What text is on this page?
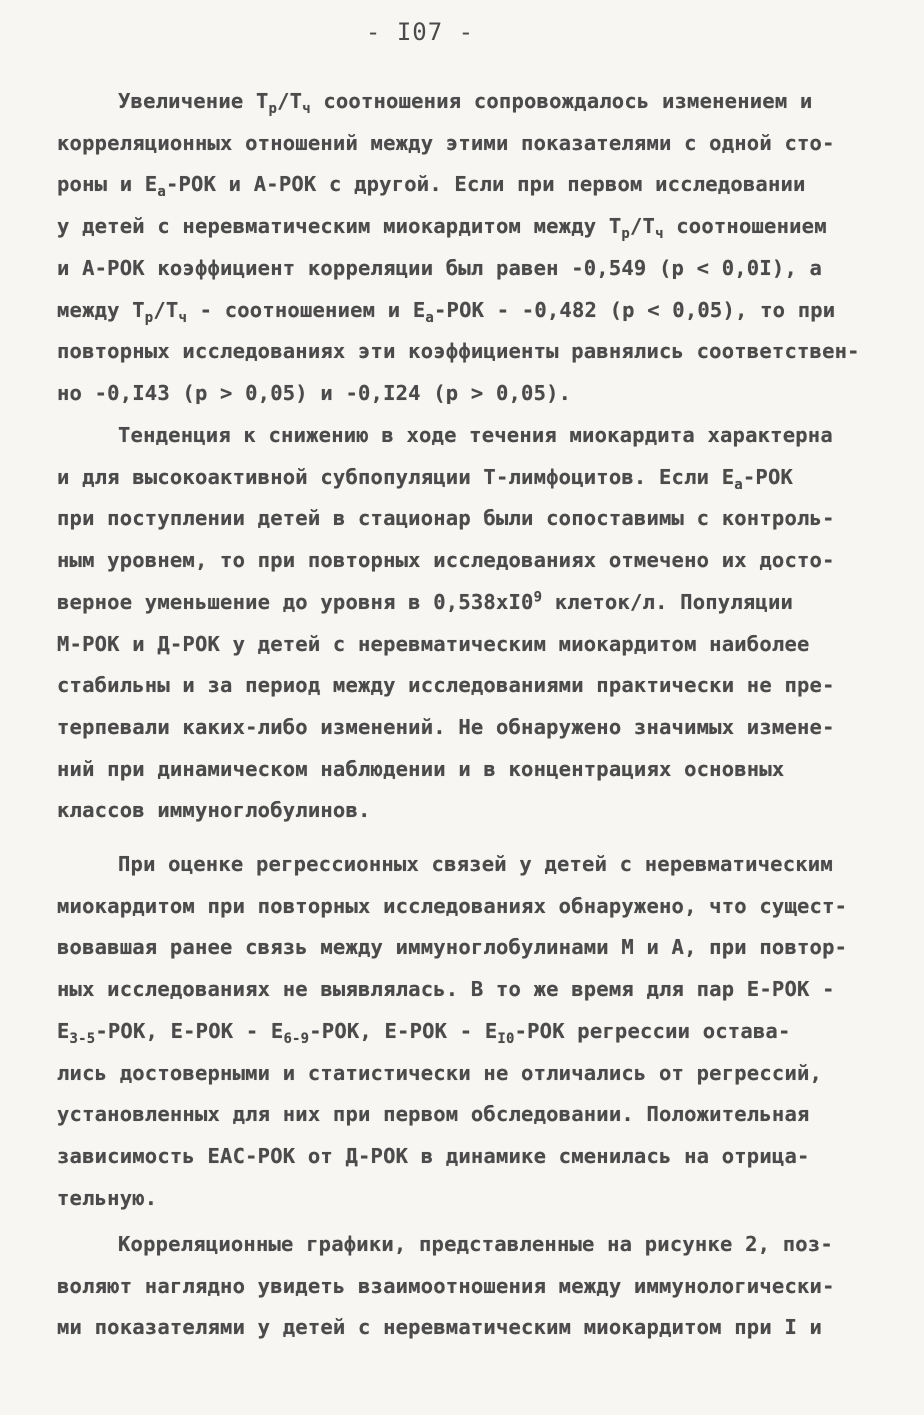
- I07 -
Увеличение $T_p/T_ч$ соотношения сопровождалось изменением и
корреляционных отношений между этими показателями с одной сто-
роны и $E_a$-РОК и А-РОК с другой. Если при первом исследовании
у детей с неревматическим миокардитом между $T_p/T_ч$ соотношением
и А-РОК коэффициент корреляции был равен -0,549 (p < 0,0I), а
между $T_p/T_ч$ - соотношением и $E_a$-РОК - -0,482 (p < 0,05), то при
повторных исследованиях эти коэффициенты равнялись соответствен-
но -0,I43 (p > 0,05) и -0,I24 (p > 0,05).
Тенденция к снижению в ходе течения миокардита характерна
и для высокоактивной субпопуляции Т-лимфоцитов. Если $E_a$-РОК
при поступлении детей в стационар были сопоставимы с контроль-
ным уровнем, то при повторных исследованиях отмечено их досто-
верное уменьшение до уровня в $0,538xI0^9$ клеток/л. Популяции
М-РОК и Д-РОК у детей с неревматическим миокардитом наиболее
стабильны и за период между исследованиями практически не пре-
терпевали каких-либо изменений. Не обнаружено значимых измене-
ний при динамическом наблюдении и в концентрациях основных
классов иммуноглобулинов.
При оценке регрессионных связей у детей с неревматическим
миокардитом при повторных исследованиях обнаружено, что сущест-
вовавшая ранее связь между иммуноглобулинами М и А, при повтор-
ных исследованиях не выявлялась. В то же время для пар Е-РОК -
$E_{3-5}$-РОК, $Е-РОК - E_{6-9}$-РОК, $Е-РОК - E_{I0}$-РОК регрессии остава-
лись достоверными и статистически не отличались от регрессий,
установленных для них при первом обследовании. Положительная
зависимость ЕАС-РОК от Д-РОК в динамике сменилась на отрица-
тельную.
Корреляционные графики, представленные на рисунке 2, поз-
воляют наглядно увидеть взаимоотношения между иммунологически-
ми показателями у детей с неревматическим миокардитом при I и
